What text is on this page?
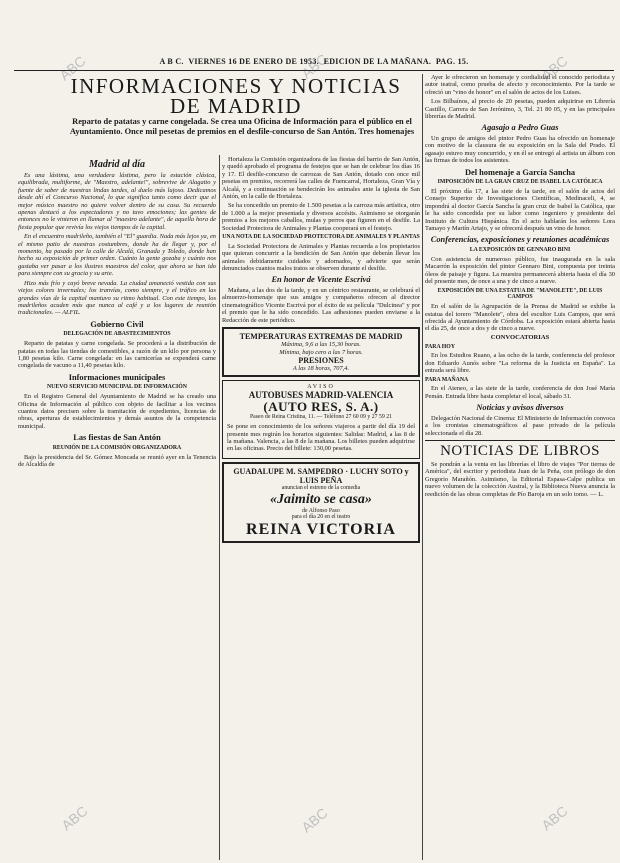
A B C. VIERNES 16 DE ENERO DE 1953. EDICION DE LA MAÑANA. PAG. 15.
INFORMACIONES Y NOTICIAS DE MADRID
Reparto de patatas y carne congelada. Se crea una Oficina de Información para el público en el Ayuntamiento. Once mil pesetas de premios en el desfile-concurso de San Antón. Tres homenajes
Madrid al día

Es una lástima, una verdadera lástima, pero la estación clásica, equilibrada, multiforme, de "Maestro, adelante!", sobrevive de Alagaito y fuente de saber de nuestras lindas tardes, al duelo más lujoso. Dedicamos desde ahí el Concurso Nacional, lo que significa tanto como decir que el mejor músico maestro no quiere volver dentro de su casa. Su recuerdo apenas destacó a los espectadores y no tuvo emociones; las gentes de entonces no le vinieron en llamar al "maestro adelante", de aquella hora de fiesta popular que revivía los viejos tiempos de la capital.

En el encuentro madrileño, también el "El" guardia. Nada más lejos ya, en el mismo patio de nuestras costumbres, donde ha de llegar y, por el momento, ha pasado por la calle de Alcalá, Granada y Toledo, donde han hecho su exposición de primer orden. Cuánto la gente gozaba y cuánto nos gustaba ver pasar a los ilustres maestros del color, que ahora se han ido para siempre con su gracia y su arte.

Hizo más frío y cayó breve nevada. La ciudad amaneció vestida con sus viejos colores invernales; los tranvías, como siempre, y el tráfico en las grandes vías de la capital mantuvo su ritmo habitual. Con este tiempo, los madrileños acuden más que nunca al café y a los lugares de reunión tradicionales. — ALFIL.

Gobierno Civil
DELEGACIÓN DE ABASTECIMIENTOS

Reparto de patatas y carne congelada. Se procederá a la distribución de patatas en todas las tiendas de comestibles, a razón de un kilo por persona y 1,80 pesetas kilo. Carne congelada: en las carnicerías se expenderá carne congelada de vacuno a 11,40 pesetas kilo.

Informaciones municipales
NUEVO SERVICIO MUNICIPAL DE INFORMACIÓN

En el Registro General del Ayuntamiento de Madrid se ha creado una Oficina de Información al público con objeto de facilitar a los vecinos cuantos datos precisen sobre la tramitación de expedientes, licencias de obras, aperturas de establecimientos y demás asuntos de la competencia municipal.

Las fiestas de San Antón
REUNIÓN DE LA COMISIÓN ORGANIZADORA

Bajo la presidencia del Sr. Gómez Moncada se reunió ayer en la Tenencia de Alcaldía de

Hortaleza la Comisión organizadora de las fiestas del barrio de San Antón, y quedó aprobado el programa de festejos que se han de celebrar los días 16 y 17. El desfile-concurso de carrozas de San Antón, dotado con once mil pesetas en premios, recorrerá las calles de Fuencarral, Hortaleza, Gran Vía y Alcalá, y a continuación se bendecirán los animales ante la iglesia de San Antón, en la calle de Hortaleza.

Se ha concedido un premio de 1.500 pesetas a la carroza más artística, otro de 1.000 a la mejor presentada y diversos accésits. Asimismo se otorgarán premios a los mejores caballos, mulas y perros que figuren en el desfile. La Sociedad Protectora de Animales y Plantas cooperará en el festejo.

UNA NOTA DE LA SOCIEDAD PROTECTORA DE ANIMALES Y PLANTAS

La Sociedad Protectora de Animales y Plantas recuerda a los propietarios que quieran concurrir a la bendición de San Antón que deberán llevar los animales debidamente cuidados y adornados, y advierte que serán denunciados cuantos malos tratos se observen durante el desfile.

En honor de Vicente Escrivá

Mañana, a las dos de la tarde, y en un céntrico restaurante, se celebrará el almuerzo-homenaje que sus amigos y compañeros ofrecen al director cinematográfico Vicente Escrivá por el éxito de su película "Dulcinea" y por el premio que le ha sido concedido. Las adhesiones pueden enviarse a la Redacción de este periódico.

TEMPERATURAS EXTREMAS DE MADRID
Máxima, 9,6 a las 15,30 horas.
Mínima, bajo cero a las 7 horas.
PRESIONES
A las 18 horas, 707,4.
AVISO
AUTOBUSES MADRID-VALENCIA
(AUTO RES, S. A.)
Paseo de Reina Cristina, 11. — Teléfono 27 60 09 y 27 59 21

Se pone en conocimiento de los señores viajeros a partir del día 19 del presente mes regirán los horarios siguientes: Salidas: Madrid, a las 8 de la mañana. Valencia, a las 8 de la mañana. Los billetes pueden adquirirse en las oficinas. Precio del billete: 130,00 pesetas.

GUADALUPE M. SAMPEDRO · LUCHY SOTO y LUIS PEÑA
anuncian el estreno de la comedia
«Jaimito se casa»
de Alfonso Paso
para el día 20 en el teatro
REINA VICTORIA

Ayer le ofrecieron un homenaje y cordialidad el conocido periodista y autor teatral, como prueba de afecto y reconocimiento. Por la tarde se ofreció un "vino de honor" en el salón de actos de los Luises.

Los Bilbaínos, al precio de 20 pesetas, pueden adquirirse en Librería Castillo, Carrera de San Jerónimo, 3, Tel. 21 80 05, y en las principales librerías de Madrid.

Agasajo a Pedro Guas

Un grupo de amigos del pintor Pedro Guas ha ofrecido un homenaje con motivo de la clausura de su exposición en la Sala del Prado. El agasajo estuvo muy concurrido, y en él se entregó al artista un álbum con las firmas de todos los asistentes.

Del homenaje a García Sancha
IMPOSICIÓN DE LA GRAN CRUZ DE ISABEL LA CATÓLICA

El próximo día 17, a las siete de la tarde, en el salón de actos del Consejo Superior de Investigaciones Científicas, Medinaceli, 4, se impondrá al doctor García Sancha la gran cruz de Isabel la Católica, que le ha sido concedida por su labor como ingeniero y presidente del Instituto de Cultura Hispánica. En el acto hablarán los señores Lora Tamayo y Martín Artajo, y se ofrecerá después un vino de honor.

Conferencias, exposiciones y reuniones académicas
LA EXPOSICIÓN DE GENNARO BINI

Con asistencia de numeroso público, fue inaugurada en la sala Macarrón la exposición del pintor Gennaro Bini, compuesta por treinta óleos de paisaje y figura. La muestra permanecerá abierta hasta el día 30 del presente mes, de once a una y de cinco a nueve.

EXPOSICIÓN DE UNA ESTATUA DE "MANOLETE", DE LUIS CAMPOS

En el salón de la Agrupación de la Prensa de Madrid se exhibe la estatua del torero "Manolete", obra del escultor Luis Campos, que será ofrecida al Ayuntamiento de Córdoba. La exposición estará abierta hasta el día 25, de once a dos y de cinco a nueve.

CONVOCATORIAS
PARA HOY

En los Estudios Ruano, a las ocho de la tarde, conferencia del profesor don Eduardo Aunós sobre "La reforma de la Justicia en España". La entrada será libre.

PARA MAÑANA

En el Ateneo, a las siete de la tarde, conferencia de don José María Pemán. Entrada libre hasta completar el local, sábado 31.

Noticias y avisos diversos

Delegación Nacional de Cinema: El Ministerio de Información convoca a los cronistas cinematográficos al pase privado de la película seleccionada el día 28.

NOTICIAS DE LIBROS

Se pondrán a la venta en las librerías el libro de viajes "Por tierras de América", del escritor y periodista Juan de la Peña, con prólogo de don Gregorio Marañón. Asimismo, la Editorial Espasa-Calpe publica un nuevo volumen de la colección Austral, y la Biblioteca Nueva anuncia la reedición de las obras completas de Pío Baroja en un solo tomo. — L.

ABC	ABC	ABC
ABC	ABC	ABC
